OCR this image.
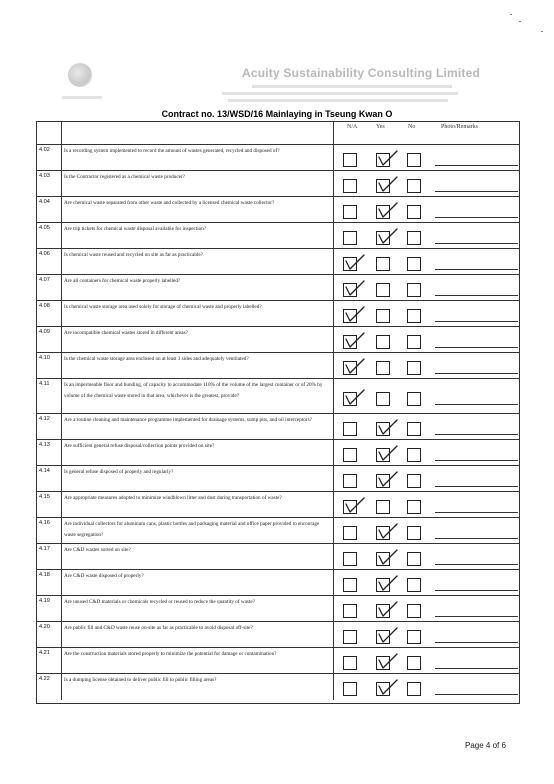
Acuity Sustainability Consulting Limited
Contract no. 13/WSD/16 Mainlaying in Tseung Kwan O
N/A	Yes	No	Photo/Remarks
4.02	Is a recording system implemented to record the amount of wastes generated, recycled and disposed of?
4.03	Is the Contractor registered as a chemical waste producer?
4.04	Are chemical waste separated from other waste and collected by a licensed chemical waste collector?
4.05	Are trip tickets for chemical waste disposal available for inspection?
4.06	Is chemical waste reused and recycled on site as far as practicable?
4.07	Are all containers for chemical waste properly labelled?
4.08	Is chemical waste storage area used solely for storage of chemical waste and properly labelled?
4.09	Are incompatible chemical wastes stored in different areas?
4.10	Is the chemical waste storage area enclosed on at least 3 sides and adequately ventilated?
4.11	Is an impermeable floor and bunding, of capacity to accommodate 110% of the volume of the largest container or of 20% by volume of the chemical waste stored in that area, whichever is the greatest, provide?
4.12	Are a routine cleaning and maintenance programme implemented for drainage systems, sump pits, and oil interceptors?
4.13	Are sufficient general refuse disposal/collection points provided on site?
4.14	Is general refuse disposed of properly and regularly?
4.15	Are appropriate measures adopted to minimize windblown litter and dust during transportation of waste?
4.16	Are individual collectors for aluminum cans, plastic bottles and packaging material and office paper provided to encourage waste segregation?
4.17	Are C&D wastes sorted on site?
4.18	Are C&D waste disposed of properly?
4.19	Are unused C&D materials or chemicals recycled or reused to reduce the quantity of waste?
4.20	Are public fill and C&D waste reuse on-site as far as practicable to avoid disposal off-site?
4.21	Are the construction materials stored properly to minimize the potential for damage or contamination?
4.22	Is a dumping license obtained to deliver public fill to public filling areas?
Page 4 of 6
